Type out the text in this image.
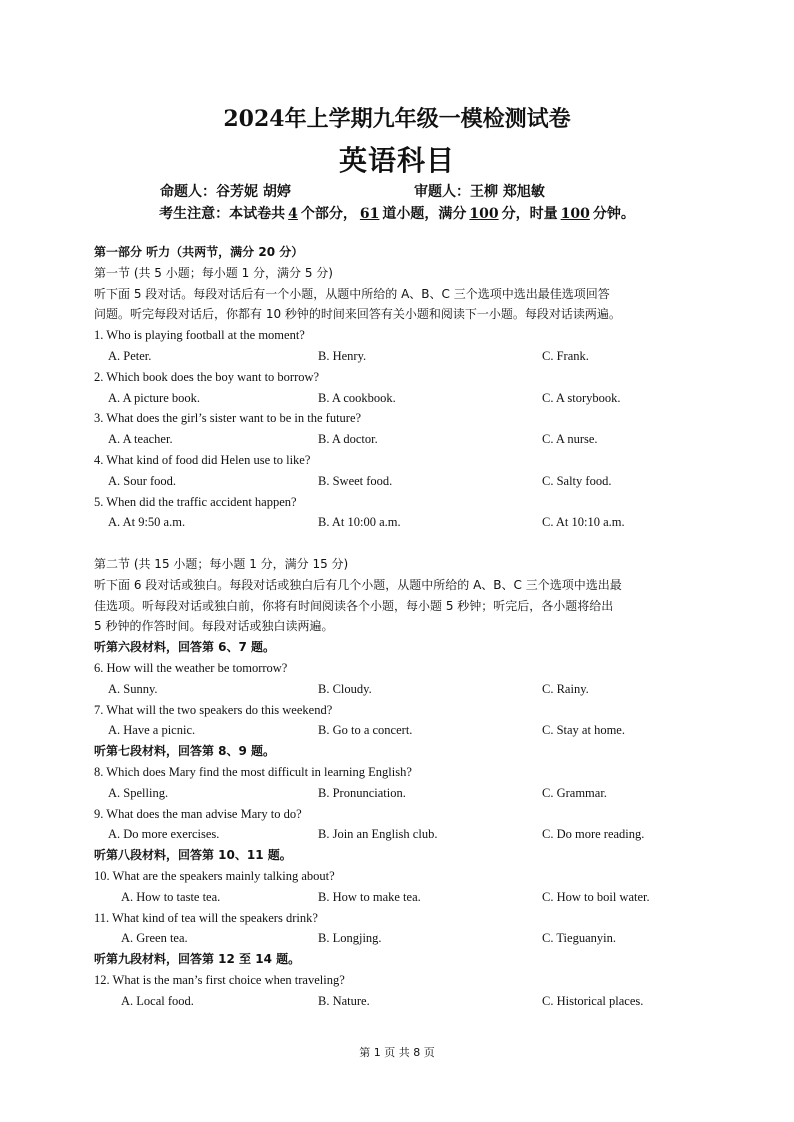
2024年上学期九年级一模检测试卷
英语科目
命题人：谷芳妮 胡婷	审题人：王柳 郑旭敏
考生注意：本试卷共 4 个部分， 61 道小题，满分 100 分，时量 100 分钟。
第一部分 听力（共两节，满分 20 分）
第一节 (共 5 小题；每小题 1 分，满分 5 分)
听下面 5 段对话。每段对话后有一个小题，从题中所给的 A、B、C 三个选项中选出最佳选项回答
问题。听完每段对话后，你都有 10 秒钟的时间来回答有关小题和阅读下一小题。每段对话读两遍。
1. Who is playing football at the moment?
A. Peter.	B. Henry.	C. Frank.
2. Which book does the boy want to borrow?
A. A picture book.	B. A cookbook.	C. A storybook.
3. What does the girl’s sister want to be in the future?
A. A teacher.	B. A doctor.	C. A nurse.
4. What kind of food did Helen use to like?
A. Sour food.	B. Sweet food.	C. Salty food.
5. When did the traffic accident happen?
A. At 9:50 a.m.	B. At 10:00 a.m.	C. At 10:10 a.m.
第二节 (共 15 小题；每小题 1 分，满分 15 分)
听下面 6 段对话或独白。每段对话或独白后有几个小题，从题中所给的 A、B、C 三个选项中选出最
佳选项。听每段对话或独白前，你将有时间阅读各个小题，每小题 5 秒钟；听完后，各小题将给出
5 秒钟的作答时间。每段对话或独白读两遍。
听第六段材料，回答第 6、7 题。
6. How will the weather be tomorrow?
A. Sunny.	B. Cloudy.	C. Rainy.
7. What will the two speakers do this weekend?
A. Have a picnic.	B. Go to a concert.	C. Stay at home.
听第七段材料，回答第 8、9 题。
8. Which does Mary find the most difficult in learning English?
A. Spelling.	B. Pronunciation.	C. Grammar.
9. What does the man advise Mary to do?
A. Do more exercises.	B. Join an English club.	C. Do more reading.
听第八段材料，回答第 10、11 题。
10. What are the speakers mainly talking about?
A. How to taste tea.	B. How to make tea.	C. How to boil water.
11. What kind of tea will the speakers drink?
A. Green tea.	B. Longjing.	C. Tieguanyin.
听第九段材料，回答第 12 至 14 题。
12. What is the man’s first choice when traveling?
A. Local food.	B. Nature.	C. Historical places.
第 1 页 共 8 页
